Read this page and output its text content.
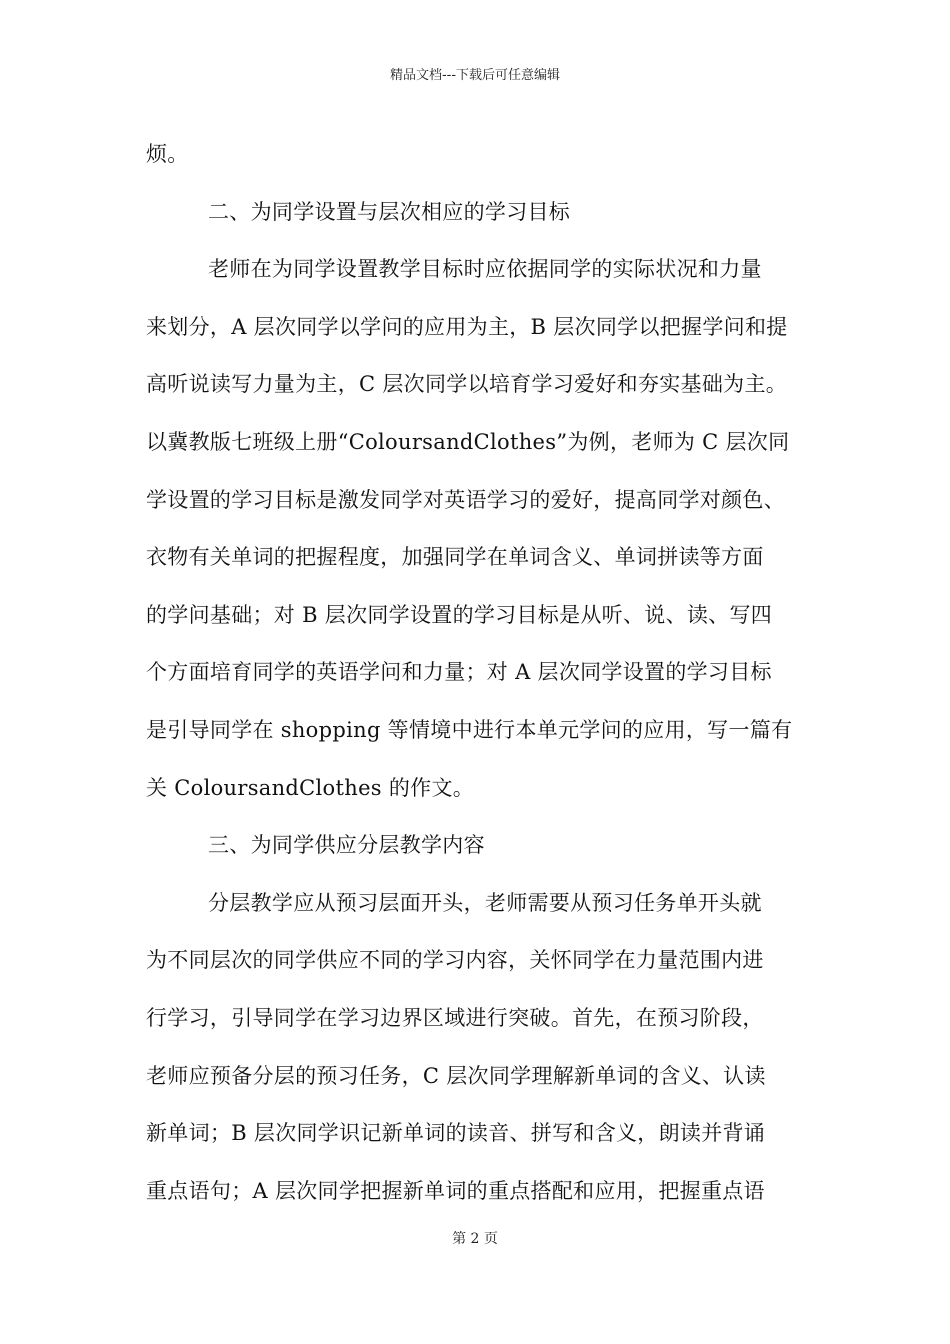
精品文档---下载后可任意编辑
烦。
二、为同学设置与层次相应的学习目标
老师在为同学设置教学目标时应依据同学的实际状况和力量
来划分，A 层次同学以学问的应用为主，B 层次同学以把握学问和提
高听说读写力量为主，C 层次同学以培育学习爱好和夯实基础为主。
以冀教版七班级上册“ColoursandClothes”为例，老师为 C 层次同
学设置的学习目标是激发同学对英语学习的爱好，提高同学对颜色、
衣物有关单词的把握程度，加强同学在单词含义、单词拼读等方面
的学问基础；对 B 层次同学设置的学习目标是从听、说、读、写四
个方面培育同学的英语学问和力量；对 A 层次同学设置的学习目标
是引导同学在 shopping 等情境中进行本单元学问的应用，写一篇有
关 ColoursandClothes 的作文。
三、为同学供应分层教学内容
分层教学应从预习层面开头，老师需要从预习任务单开头就
为不同层次的同学供应不同的学习内容，关怀同学在力量范围内进
行学习，引导同学在学习边界区域进行突破。首先，在预习阶段，
老师应预备分层的预习任务，C 层次同学理解新单词的含义、认读
新单词；B 层次同学识记新单词的读音、拼写和含义，朗读并背诵
重点语句；A 层次同学把握新单词的重点搭配和应用，把握重点语
第 2 页
